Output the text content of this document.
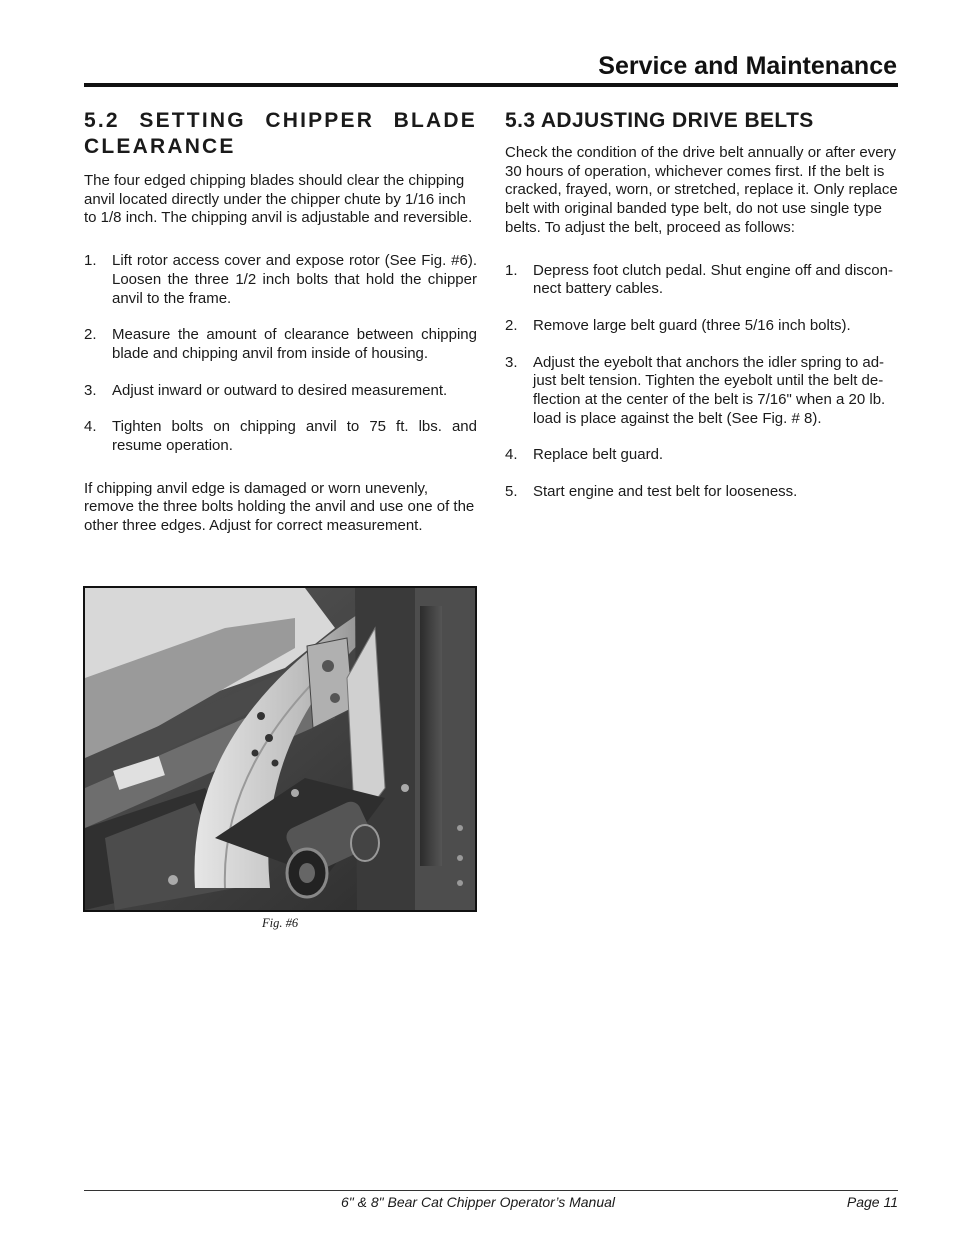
Service and Maintenance
5.2 SETTING CHIPPER BLADE CLEARANCE

The four edged chipping blades should clear the chipping anvil located directly under the chipper chute by 1/16 inch to 1/8 inch. The chipping anvil is adjustable and reversible.

1. Lift rotor access cover and expose rotor (See Fig. #6). Loosen the three 1/2 inch bolts that hold the chipper anvil to the frame.
2. Measure the amount of clearance between chipping blade and chipping anvil from inside of housing.
3. Adjust inward or outward to desired measurement.
4. Tighten bolts on chipping anvil to 75 ft. lbs. and resume operation.

If chipping anvil edge is damaged or worn unevenly, remove the three bolts holding the anvil and use one of the other three edges. Adjust for correct measurement.

Fig. #6
5.3 ADJUSTING DRIVE BELTS

Check the condition of the drive belt annually or after every 30 hours of operation, whichever comes first. If the belt is cracked, frayed, worn, or stretched, replace it. Only replace belt with original banded type belt, do not use single type belts. To adjust the belt, proceed as follows:

1. Depress foot clutch pedal. Shut engine off and discon-nect battery cables.
2. Remove large belt guard (three 5/16 inch bolts).
3. Adjust the eyebolt that anchors the idler spring to ad-just belt tension. Tighten the eyebolt until the belt de-flection at the center of the belt is 7/16" when a 20 lb. load is place against the belt (See Fig. # 8).
4. Replace belt guard.
5. Start engine and test belt for looseness.
6" & 8" Bear Cat Chipper Operator’s Manual	Page 11
